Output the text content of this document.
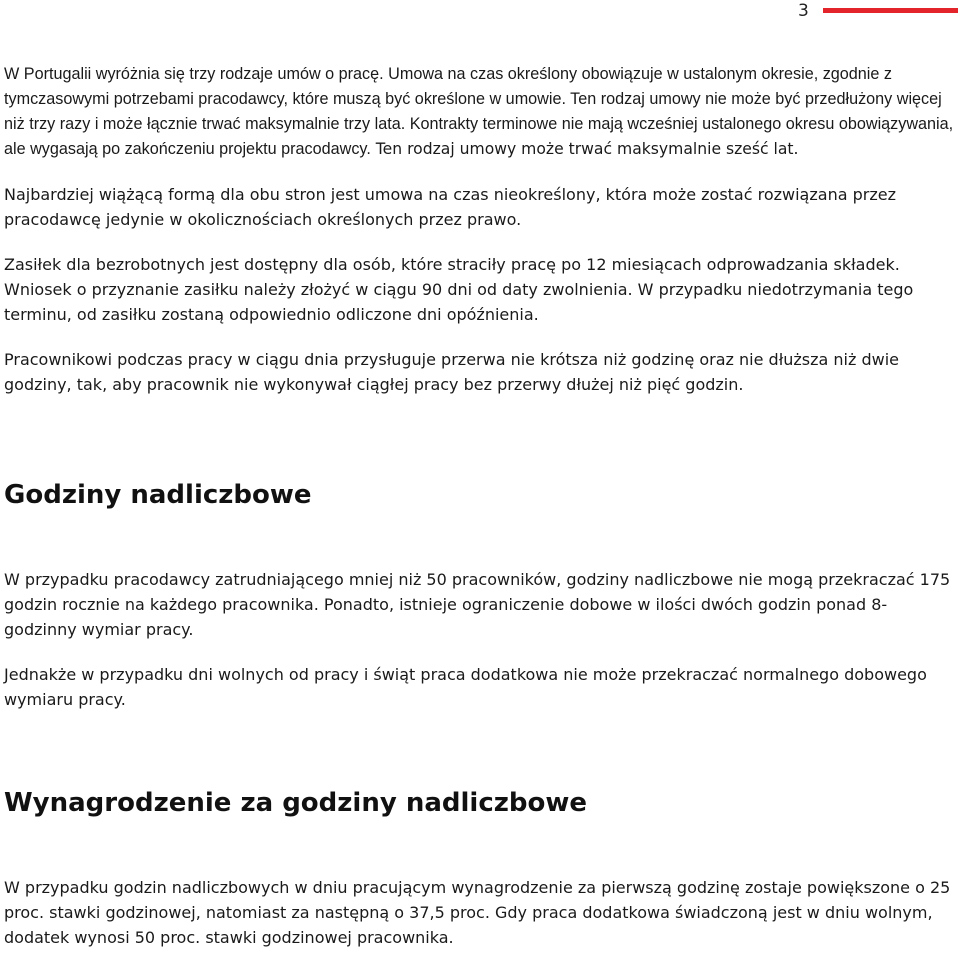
3

W Portugalii wyróżnia się trzy rodzaje umów o pracę. Umowa na czas określony obowiązuje w ustalonym okresie, zgodnie z tymczasowymi potrzebami pracodawcy, które muszą być określone w umowie. Ten rodzaj umowy nie może być przedłużony więcej niż trzy razy i może łącznie trwać maksymalnie trzy lata. Kontrakty terminowe nie mają wcześniej ustalonego okresu obowiązywania, ale wygasają po zakończeniu projektu pracodawcy. Ten rodzaj umowy może trwać maksymalnie sześć lat.

Najbardziej wiążącą formą dla obu stron jest umowa na czas nieokreślony, która może zostać rozwiązana przez pracodawcę jedynie w okolicznościach określonych przez prawo.

Zasiłek dla bezrobotnych jest dostępny dla osób, które straciły pracę po 12 miesiącach odprowadzania składek. Wniosek o przyznanie zasiłku należy złożyć w ciągu 90 dni od daty zwolnienia. W przypadku niedotrzymania tego terminu, od zasiłku zostaną odpowiednio odliczone dni opóźnienia.

Pracownikowi podczas pracy w ciągu dnia przysługuje przerwa nie krótsza niż godzinę oraz nie dłuższa niż dwie godziny, tak, aby pracownik nie wykonywał ciągłej pracy bez przerwy dłużej niż pięć godzin.

Godziny nadliczbowe

W przypadku pracodawcy zatrudniającego mniej niż 50 pracowników, godziny nadliczbowe nie mogą przekraczać 175 godzin rocznie na każdego pracownika. Ponadto, istnieje ograniczenie dobowe w ilości dwóch godzin ponad 8-godzinny wymiar pracy.

Jednakże w przypadku dni wolnych od pracy i świąt praca dodatkowa nie może przekraczać normalnego dobowego wymiaru pracy.

Wynagrodzenie za godziny nadliczbowe

W przypadku godzin nadliczbowych w dniu pracującym wynagrodzenie za pierwszą godzinę zostaje powiększone o 25 proc. stawki godzinowej, natomiast za następną o 37,5 proc. Gdy praca dodatkowa świadczoną jest w dniu wolnym, dodatek wynosi 50 proc. stawki godzinowej pracownika.
